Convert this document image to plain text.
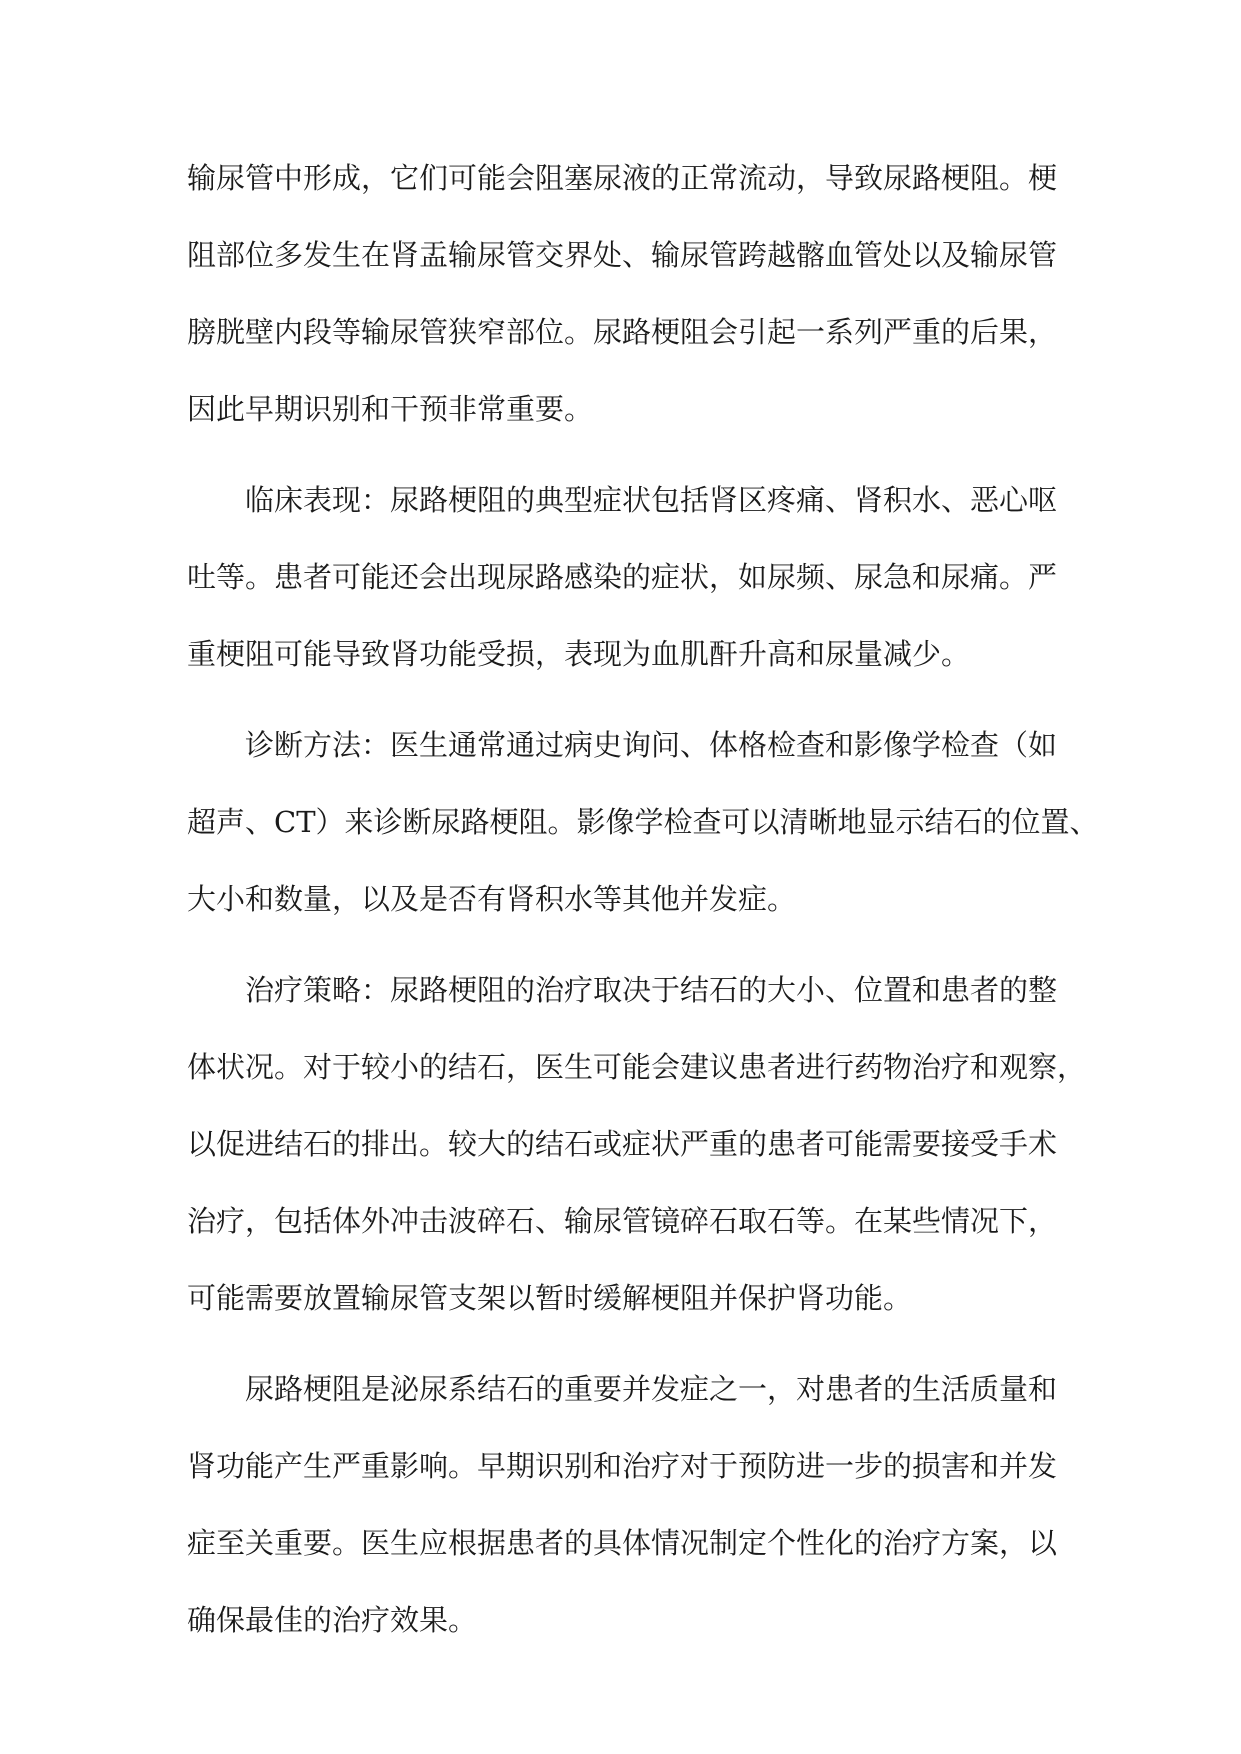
输尿管中形成，它们可能会阻塞尿液的正常流动，导致尿路梗阻。梗
阻部位多发生在肾盂输尿管交界处、输尿管跨越髂血管处以及输尿管
膀胱壁内段等输尿管狭窄部位。尿路梗阻会引起一系列严重的后果，
因此早期识别和干预非常重要。
临床表现：尿路梗阻的典型症状包括肾区疼痛、肾积水、恶心呕
吐等。患者可能还会出现尿路感染的症状，如尿频、尿急和尿痛。严
重梗阻可能导致肾功能受损，表现为血肌酐升高和尿量减少。
诊断方法：医生通常通过病史询问、体格检查和影像学检查（如
超声、CT）来诊断尿路梗阻。影像学检查可以清晰地显示结石的位置、
大小和数量，以及是否有肾积水等其他并发症。
治疗策略：尿路梗阻的治疗取决于结石的大小、位置和患者的整
体状况。对于较小的结石，医生可能会建议患者进行药物治疗和观察，
以促进结石的排出。较大的结石或症状严重的患者可能需要接受手术
治疗，包括体外冲击波碎石、输尿管镜碎石取石等。在某些情况下，
可能需要放置输尿管支架以暂时缓解梗阻并保护肾功能。
尿路梗阻是泌尿系结石的重要并发症之一，对患者的生活质量和
肾功能产生严重影响。早期识别和治疗对于预防进一步的损害和并发
症至关重要。医生应根据患者的具体情况制定个性化的治疗方案，以
确保最佳的治疗效果。
